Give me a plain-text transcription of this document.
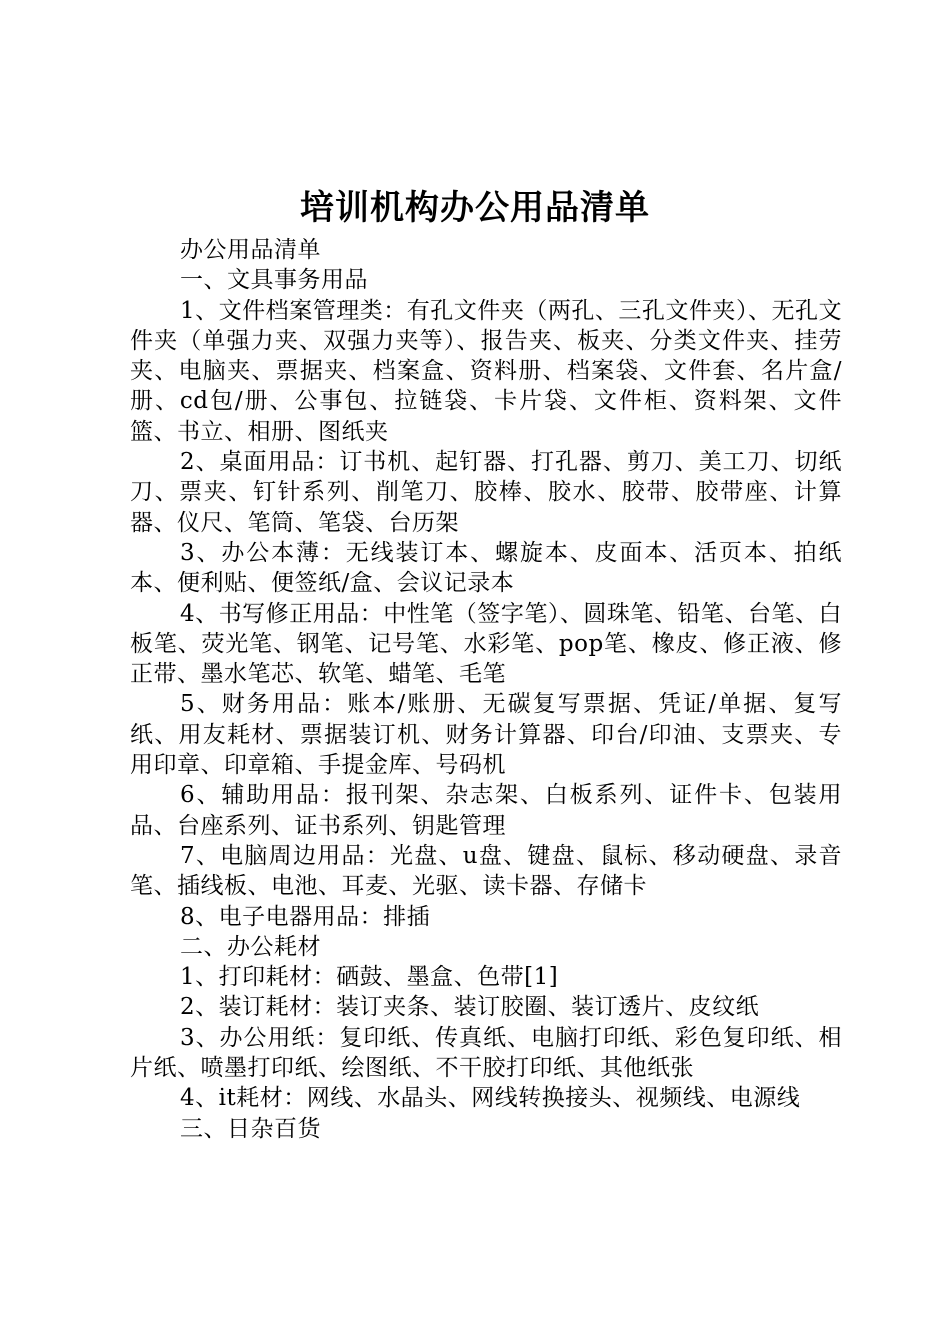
培训机构办公用品清单

办公用品清单

一、文具事务用品

1、文件档案管理类：有孔文件夹（两孔、三孔文件夹）、无孔文件夹（单强力夹、双强力夹等）、报告夹、板夹、分类文件夹、挂劳夹、电脑夹、票据夹、档案盒、资料册、档案袋、文件套、名片盒/册、cd包/册、公事包、拉链袋、卡片袋、文件柜、资料架、文件篮、书立、相册、图纸夹

2、桌面用品：订书机、起钉器、打孔器、剪刀、美工刀、切纸刀、票夹、钉针系列、削笔刀、胶棒、胶水、胶带、胶带座、计算器、仪尺、笔筒、笔袋、台历架

3、办公本薄：无线装订本、螺旋本、皮面本、活页本、拍纸本、便利贴、便签纸/盒、会议记录本

4、书写修正用品：中性笔（签字笔）、圆珠笔、铅笔、台笔、白板笔、荧光笔、钢笔、记号笔、水彩笔、pop笔、橡皮、修正液、修正带、墨水笔芯、软笔、蜡笔、毛笔

5、财务用品：账本/账册、无碳复写票据、凭证/单据、复写纸、用友耗材、票据装订机、财务计算器、印台/印油、支票夹、专用印章、印章箱、手提金库、号码机

6、辅助用品：报刊架、杂志架、白板系列、证件卡、包装用品、台座系列、证书系列、钥匙管理

7、电脑周边用品：光盘、u盘、键盘、鼠标、移动硬盘、录音笔、插线板、电池、耳麦、光驱、读卡器、存储卡

8、电子电器用品：排插

二、办公耗材

1、打印耗材：硒鼓、墨盒、色带[1]

2、装订耗材：装订夹条、装订胶圈、装订透片、皮纹纸

3、办公用纸：复印纸、传真纸、电脑打印纸、彩色复印纸、相片纸、喷墨打印纸、绘图纸、不干胶打印纸、其他纸张

4、it耗材：网线、水晶头、网线转换接头、视频线、电源线

三、日杂百货
